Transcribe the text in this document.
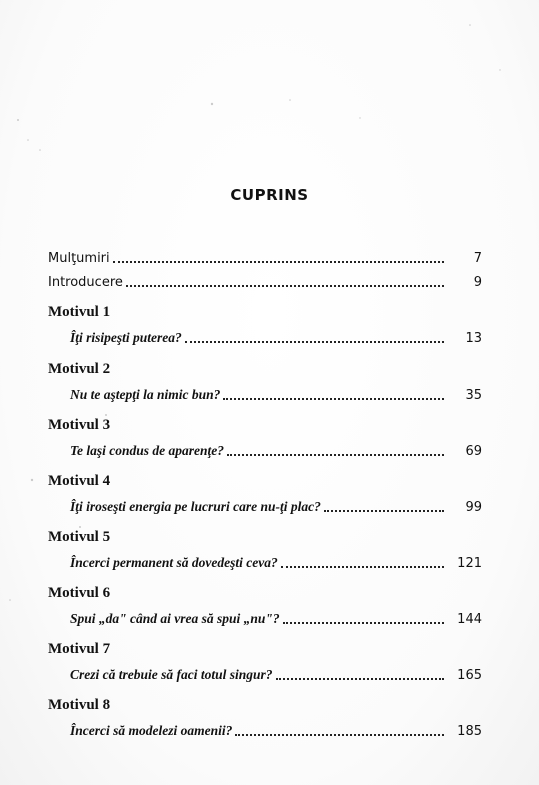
CUPRINS
Mulţumiri	7
Introducere	9
Motivul 1
Îţi risipeşti puterea?	13
Motivul 2
Nu te aştepţi la nimic bun?	35
Motivul 3
Te laşi condus de aparenţe?	69
Motivul 4
Îţi iroseşti energia pe lucruri care nu-ţi plac?	99
Motivul 5
Încerci permanent să dovedeşti ceva?	121
Motivul 6
Spui „da" când ai vrea să spui „nu"?	144
Motivul 7
Crezi că trebuie să faci totul singur?	165
Motivul 8
Încerci să modelezi oamenii?	185
